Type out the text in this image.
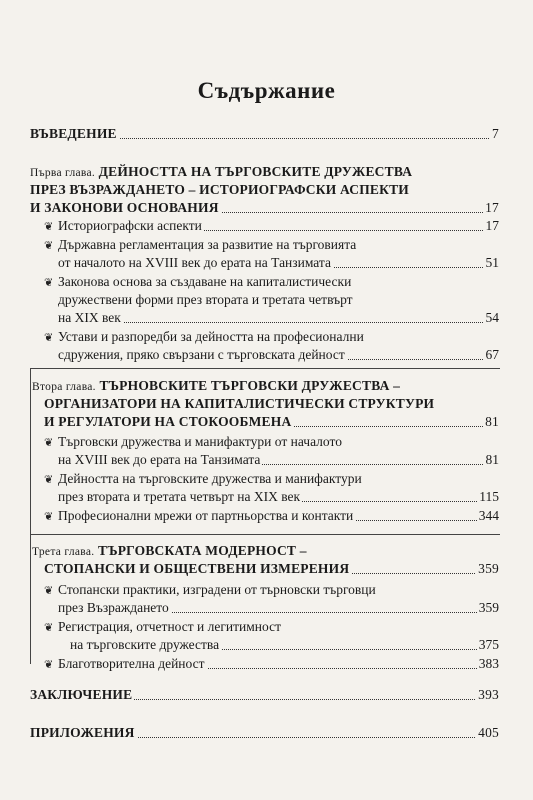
Съдържание
ВЪВЕДЕНИЕ	7
Първа глава. ДЕЙНОСТТА НА ТЪРГОВСКИТЕ ДРУЖЕСТВА
ПРЕЗ ВЪЗРАЖДАНЕТО – ИСТОРИОГРАФСКИ АСПЕКТИ
И ЗАКОНОВИ ОСНОВАНИЯ	17
❦ Историографски аспекти	17
❦ Държавна регламентация за развитие на търговията
от началото на XVIII век до ерата на Танзимата	51
❦ Законова основа за създаване на капиталистически
дружествени форми през втората и третата четвърт
на XIX век	54
❦ Устави и разпоредби за дейността на професионални
сдружения, пряко свързани с търговската дейност	67
Втора глава. ТЪРНОВСКИТЕ ТЪРГОВСКИ ДРУЖЕСТВА –
ОРГАНИЗАТОРИ НА КАПИТАЛИСТИЧЕСКИ СТРУКТУРИ
И РЕГУЛАТОРИ НА СТОКООБМЕНА	81
❦ Търговски дружества и манифактури от началото
на XVIII век до ерата на Танзимата	81
❦ Дейността на търговските дружества и манифактури
през втората и третата четвърт на XIX век	115
❦ Професионални мрежи от партньорства и контакти	344
Трета глава. ТЪРГОВСКАТА МОДЕРНОСТ –
СТОПАНСКИ И ОБЩЕСТВЕНИ ИЗМЕРЕНИЯ	359
❦ Стопански практики, изградени от търновски търговци
през Възраждането	359
❦ Регистрация, отчетност и легитимност
на търговските дружества	375
❦ Благотворителна дейност	383
ЗАКЛЮЧЕНИЕ	393
ПРИЛОЖЕНИЯ	405
